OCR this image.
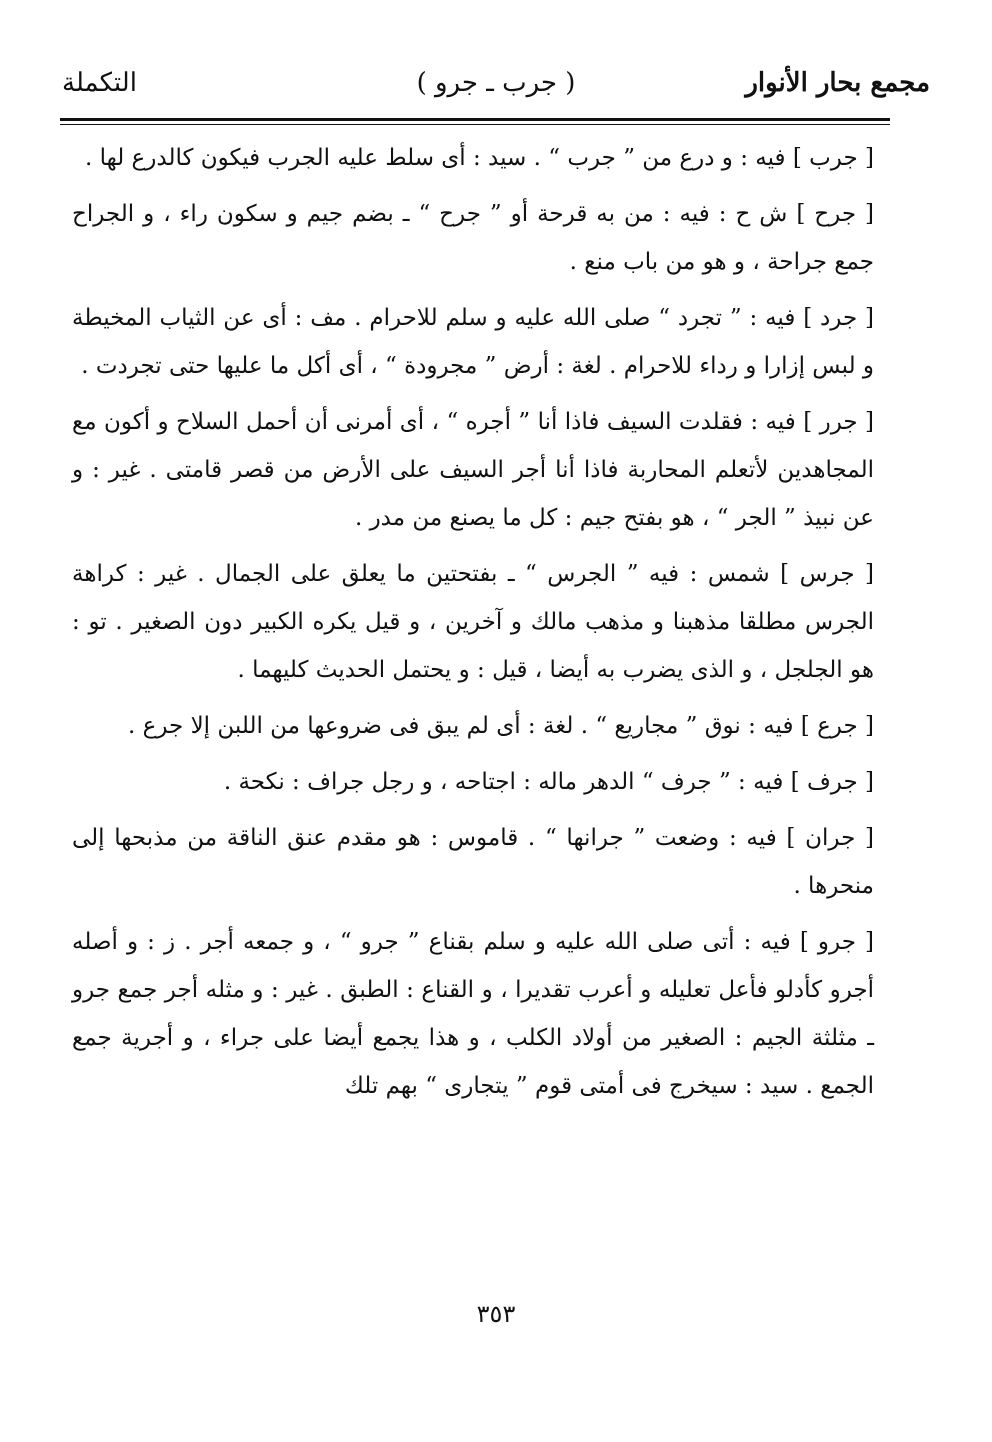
مجمع بحار الأنوار
( جرب ـ جرو )
التكملة

[ جرب ] فيه : و درع من ” جرب “ . سيد : أى سلط عليه الجرب فيكون كالدرع لها .

[ جرح ] ش ح : فيه : من به قرحة أو ” جرح “ ـ بضم جيم و سكون راء ، و الجراح جمع جراحة ، و هو من باب منع .

[ جرد ] فيه : ” تجرد “ صلى الله عليه و سلم للاحرام . مف : أى عن الثياب المخيطة و لبس إزارا و رداء للاحرام . لغة : أرض ” مجرودة “ ، أى أكل ما عليها حتى تجردت .

[ جرر ] فيه : فقلدت السيف فاذا أنا ” أجره “ ، أى أمرنى أن أحمل السلاح و أكون مع المجاهدين لأتعلم المحاربة فاذا أنا أجر السيف على الأرض من قصر قامتى . غير : و عن نبيذ ” الجر “ ، هو بفتح جيم : كل ما يصنع من مدر .

[ جرس ] شمس : فيه ” الجرس “ ـ بفتحتين ما يعلق على الجمال . غير : كراهة الجرس مطلقا مذهبنا و مذهب مالك و آخرين ، و قيل يكره الكبير دون الصغير . تو : هو الجلجل ، و الذى يضرب به أيضا ، قيل : و يحتمل الحديث كليهما .

[ جرع ] فيه : نوق ” مجاريع “ . لغة : أى لم يبق فى ضروعها من اللبن إلا جرع .

[ جرف ] فيه : ” جرف “ الدهر ماله : اجتاحه ، و رجل جراف : نكحة .

[ جران ] فيه : وضعت ” جرانها “ . قاموس : هو مقدم عنق الناقة من مذبحها إلى منحرها .

[ جرو ] فيه : أتى صلى الله عليه و سلم بقناع ” جرو “ ، و جمعه أجر . ز : و أصله أجرو كأدلو فأعل تعليله و أعرب تقديرا ، و القناع : الطبق . غير : و مثله أجر جمع جرو ـ مثلثة الجيم : الصغير من أولاد الكلب ، و هذا يجمع أيضا على جراء ، و أجرية جمع الجمع . سيد : سيخرج فى أمتى قوم ” يتجارى “ بهم تلك

٣٥٣
